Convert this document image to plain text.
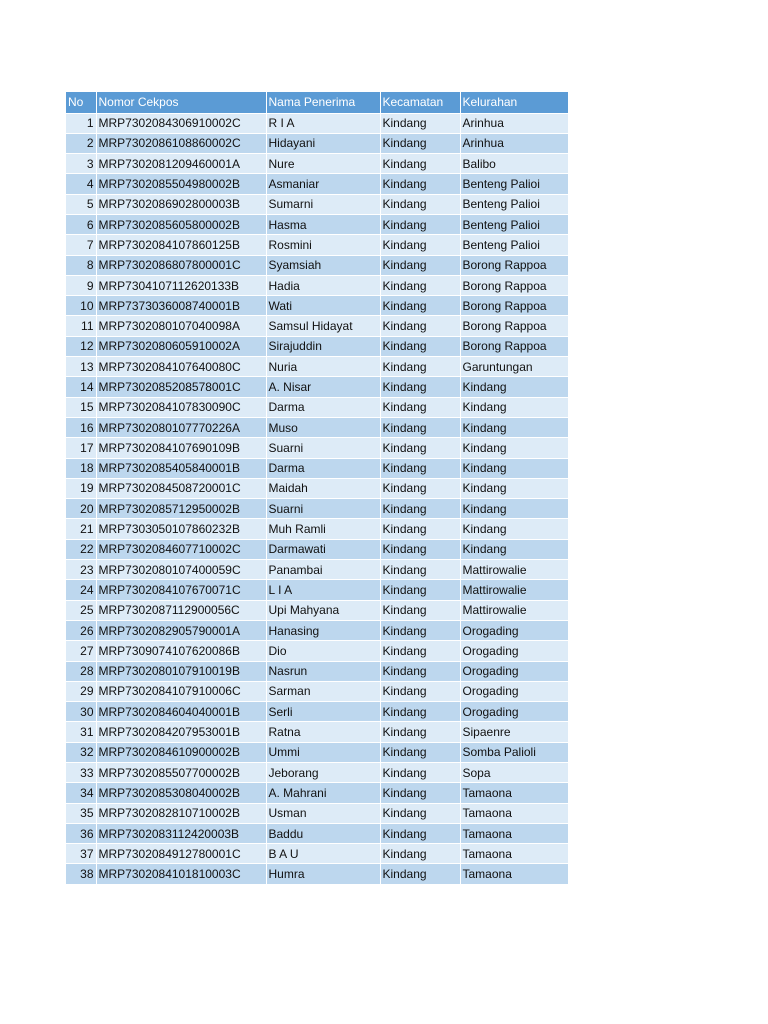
No	Nomor Cekpos	Nama Penerima	Kecamatan	Kelurahan
1	MRP7302084306910002C	R I A	Kindang	Arinhua
2	MRP7302086108860002C	Hidayani	Kindang	Arinhua
3	MRP7302081209460001A	Nure	Kindang	Balibo
4	MRP7302085504980002B	Asmaniar	Kindang	Benteng Palioi
5	MRP7302086902800003B	Sumarni	Kindang	Benteng Palioi
6	MRP7302085605800002B	Hasma	Kindang	Benteng Palioi
7	MRP7302084107860125B	Rosmini	Kindang	Benteng Palioi
8	MRP7302086807800001C	Syamsiah	Kindang	Borong Rappoa
9	MRP7304107112620133B	Hadia	Kindang	Borong Rappoa
10	MRP7373036008740001B	Wati	Kindang	Borong Rappoa
11	MRP7302080107040098A	Samsul Hidayat	Kindang	Borong Rappoa
12	MRP7302080605910002A	Sirajuddin	Kindang	Borong Rappoa
13	MRP7302084107640080C	Nuria	Kindang	Garuntungan
14	MRP7302085208578001C	A. Nisar	Kindang	Kindang
15	MRP7302084107830090C	Darma	Kindang	Kindang
16	MRP7302080107770226A	Muso	Kindang	Kindang
17	MRP7302084107690109B	Suarni	Kindang	Kindang
18	MRP7302085405840001B	Darma	Kindang	Kindang
19	MRP7302084508720001C	Maidah	Kindang	Kindang
20	MRP7302085712950002B	Suarni	Kindang	Kindang
21	MRP7303050107860232B	Muh Ramli	Kindang	Kindang
22	MRP7302084607710002C	Darmawati	Kindang	Kindang
23	MRP7302080107400059C	Panambai	Kindang	Mattirowalie
24	MRP7302084107670071C	L I A	Kindang	Mattirowalie
25	MRP7302087112900056C	Upi Mahyana	Kindang	Mattirowalie
26	MRP7302082905790001A	Hanasing	Kindang	Orogading
27	MRP7309074107620086B	Dio	Kindang	Orogading
28	MRP7302080107910019B	Nasrun	Kindang	Orogading
29	MRP7302084107910006C	Sarman	Kindang	Orogading
30	MRP7302084604040001B	Serli	Kindang	Orogading
31	MRP7302084207953001B	Ratna	Kindang	Sipaenre
32	MRP7302084610900002B	Ummi	Kindang	Somba Palioli
33	MRP7302085507700002B	Jeborang	Kindang	Sopa
34	MRP7302085308040002B	A. Mahrani	Kindang	Tamaona
35	MRP7302082810710002B	Usman	Kindang	Tamaona
36	MRP7302083112420003B	Baddu	Kindang	Tamaona
37	MRP7302084912780001C	B A U	Kindang	Tamaona
38	MRP7302084101810003C	Humra	Kindang	Tamaona
